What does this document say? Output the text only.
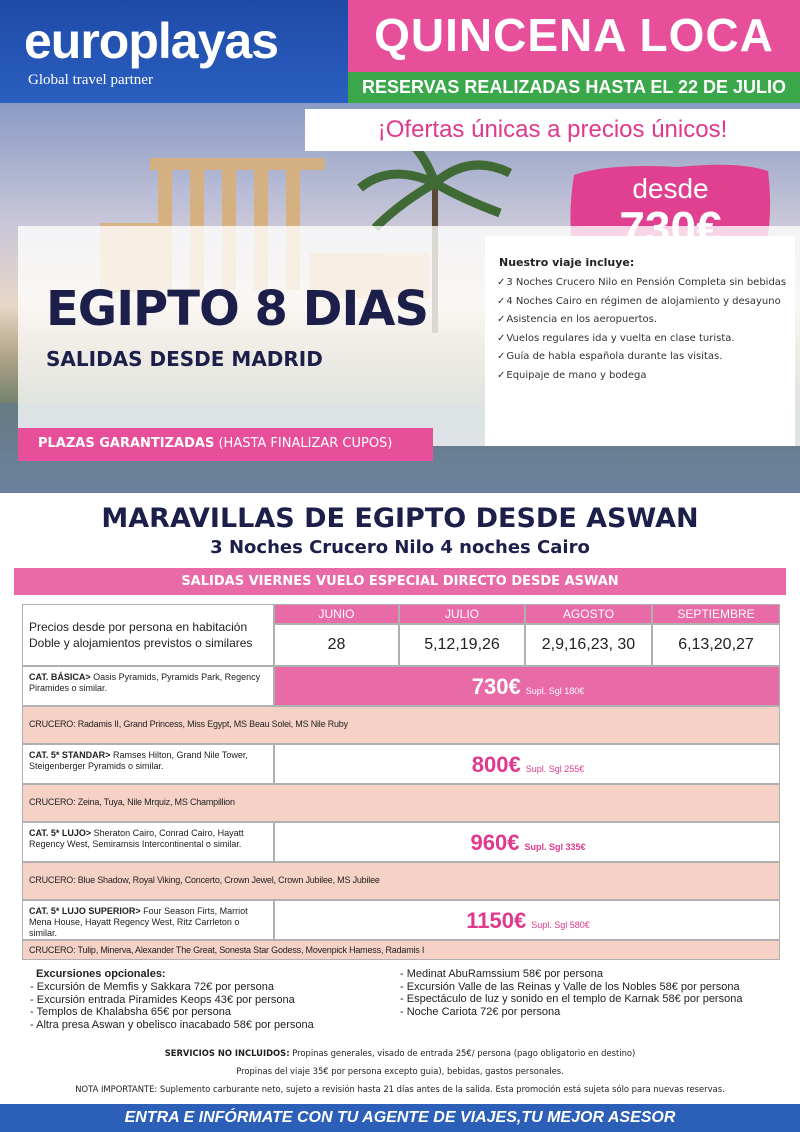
europlayas
Global travel partner
QUINCENA LOCA
RESERVAS REALIZADAS HASTA EL 22 DE JULIO
¡Ofertas únicas a precios únicos!
desde
EGIPTO 8 DIAS
SALIDAS DESDE MADRID
Nuestro viaje incluye:
✓ 3 Noches Crucero Nilo en Pensión Completa sin bebidas
✓ 4 Noches Cairo en régimen de alojamiento y desayuno
✓ Asistencia en los aeropuertos.
✓ Vuelos regulares ida y vuelta en clase turista.
✓ Guía de habla española durante las visitas.
✓ Equipaje de mano y bodega
PLAZAS GARANTIZADAS (HASTA FINALIZAR CUPOS)
MARAVILLAS DE EGIPTO DESDE ASWAN
3 Noches Crucero Nilo 4 noches Cairo
SALIDAS VIERNES VUELO ESPECIAL DIRECTO DESDE ASWAN
Precios desde por persona en habitación Doble y alojamientos previstos o similares
JUNIO	JULIO	AGOSTO	SEPTIEMBRE
28	5,12,19,26	2,9,16,23, 30	6,13,20,27
CAT. BÁSICA> Oasis Pyramids, Pyramids Park, Regency Piramides o similar.	730€ Supl. Sgl 180€
CRUCERO: Radamis II, Grand Princess, Miss Egypt, MS Beau Solei, MS Nile Ruby
CAT. 5* STANDAR> Ramses Hilton, Grand Nile Tower, Steigenberger Pyramids o similar.	800€ Supl. Sgl 255€
CRUCERO: Zeina, Tuya, Nile Mrquiz, MS Champillion
CAT. 5* LUJO> Sheraton Cairo, Conrad Cairo, Hayatt Regency West, Semiramsis Intercontinental o similar.	960€ Supl. Sgl 335€
CRUCERO: Blue Shadow, Royal Viking, Concerto, Crown Jewel, Crown Jubilee, MS Jubilee
CAT. 5* LUJO SUPERIOR> Four Season Firts, Marriot Mena House, Hayatt Regency West, Ritz Carrleton o similar.	1150€ Supl. Sgl 580€
CRUCERO: Tulip, Minerva, Alexander The Great, Sonesta Star Godess, Movenpick Hamess, Radamis I
Excursiones opcionales:
- Excursión de Memfis y Sakkara 72€ por persona
- Excursión entrada Piramides Keops 43€ por persona
- Templos de Khalabsha 65€ por persona
- Altra presa Aswan y obelisco inacabado 58€ por persona
- Medinat AbuRamssium 58€ por persona
- Excursión Valle de las Reinas y Valle de los Nobles 58€ por persona
- Espectáculo de luz y sonido en el templo de Karnak 58€ por persona
- Noche Cariota 72€ por persona
SERVICIOS NO INCLUIDOS: Propinas generales, visado de entrada 25€/ persona (pago obligatorio en destino)
Propinas del viaje 35€ por persona excepto guia), bebidas, gastos personales.
NOTA IMPORTANTE: Suplemento carburante neto, sujeto a revisión hasta 21 días antes de la salida. Esta promoción está sujeta sólo para nuevas reservas.
ENTRA E INFÓRMATE CON TU AGENTE DE VIAJES,TU MEJOR ASESOR
